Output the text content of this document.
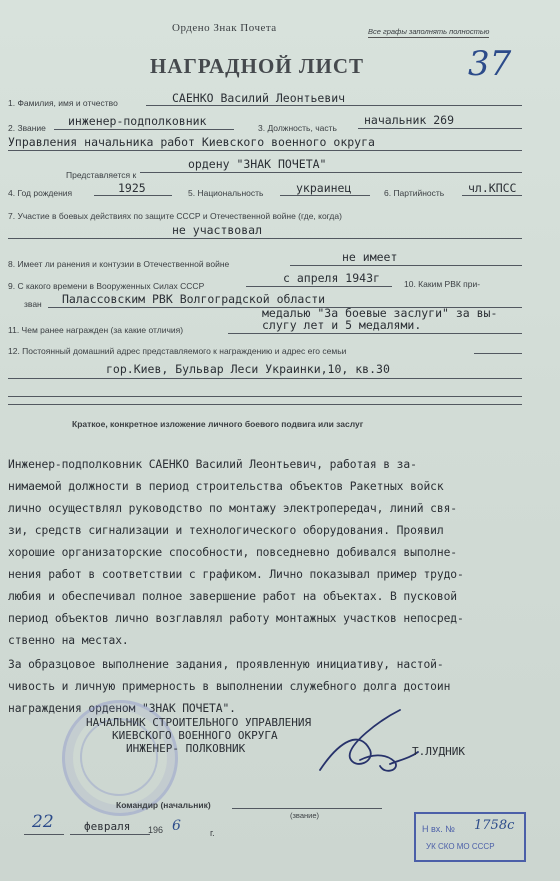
Ордено Знак Почета	Все графы заполнять полностью
НАГРАДНОЙ ЛИСТ	37
1. Фамилия, имя и отчество	САЕНКО Василий Леонтьевич
2. Звание инженер-подполковник	3. Должность, часть
начальник 269
Управления начальника работ Киевского военного округа
Представляется к
ордену "ЗНАК ПОЧЕТА"
4. Год рождения	1925	5. Национальность	украинец	6. Партийность чл.КПСС
7. Участие в боевых действиях по защите СССР и Отечественной войне (где, когда)
не участвовал
8. Имеет ли ранения и контузии в Отечественной войне	не имеет
9. С какого времени в Вооруженных Силах СССР
с апреля 1943г	10. Каким РВК при-
зван Палассовским РВК Волгоградской области
медалью "За боевые заслуги" за вы-
11. Чем ранее награжден (за какие отличия)	слугу лет и 5 медалями.
12. Постоянный домашний адрес представляемого к награждению и адрес его семьи
гор.Киев, Бульвар Леси Украинки,10, кв.30
Краткое, конкретное изложение личного боевого подвига или заслуг
Инженер-подполковник САЕНКО Василий Леонтьевич, работая в за-
нимаемой должности в период строительства объектов Ракетных войск
лично осуществлял руководство по монтажу электропередач, линий свя-
зи, средств сигнализации и технологического оборудования. Проявил
хорошие организаторские способности, повседневно добивался выполне-
нения работ в соответствии с графиком. Лично показывал пример трудо-
любия и обеспечивал полное завершение работ на объектах. В пусковой
период объектов лично возглавлял работу монтажных участков непосред-
ственно на местах.
За образцовое выполнение задания, проявленную инициативу, настой-
чивость и личную примерность в выполнении служебного долга достоин
награждения орденом "ЗНАК ПОЧЕТА".
НАЧАЛЬНИК СТРОИТЕЛЬНОГО УПРАВЛЕНИЯ
КИЕВСКОГО ВОЕННОГО ОКРУГА
ИНЖЕНЕР- ПОЛКОВНИК	Т.ЛУДНИК
Командир (начальник)
(звание)
22	февраля 196 6	г.	Н вх. № 1758с
УК СКО МО СССР
